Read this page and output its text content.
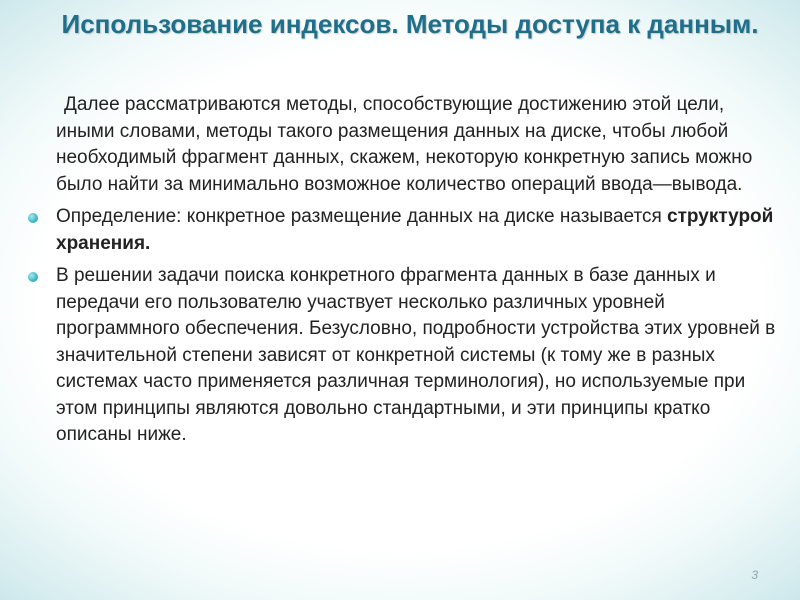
Использование индексов. Методы доступа к данным.

Далее рассматриваются методы, способствующие достижению этой цели, иными словами, методы такого размещения данных на диске, чтобы любой необходимый фрагмент данных, скажем, некоторую конкретную запись можно было найти за минимально возможное количество операций ввода—вывода.

Определение: конкретное размещение данных на диске называется структурой хранения.
В решении задачи поиска конкретного фрагмента данных в базе данных и передачи его пользователю участвует несколько различных уровней программного обеспечения. Безусловно, подробности устройства этих уровней в значительной степени зависят от конкретной системы (к тому же в разных системах часто применяется различная терминология), но используемые при этом принципы являются довольно стандартными, и эти принципы кратко описаны ниже.
3
